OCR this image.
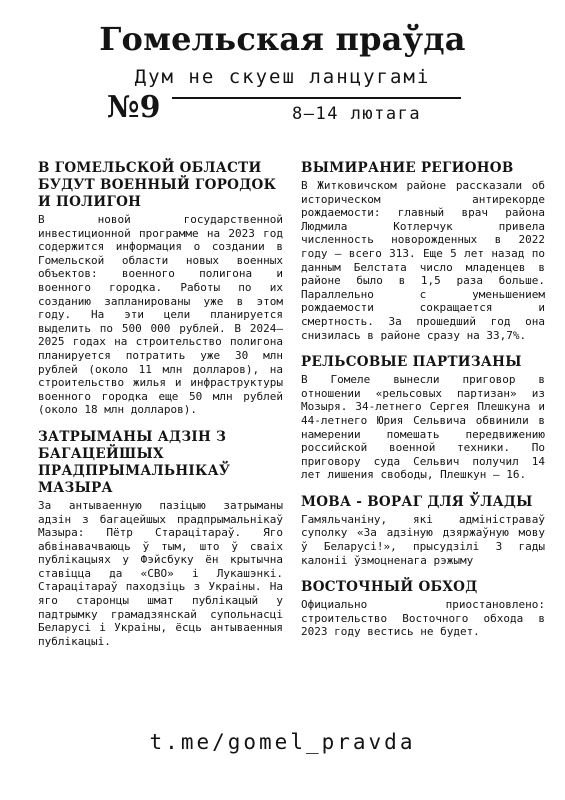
Гомельская праўда
Дум не скуеш ланцугамі
№9	8—14 лютага
В ГОМЕЛЬСКОЙ ОБЛАСТИ
БУДУТ ВОЕННЫЙ ГОРОДОК
И ПОЛИГОН

В новой государственной инвестиционной программе на 2023 год содержится информация о создании в Гомельской области новых военных объектов: военного полигона и военного городка. Работы по их созданию запланированы уже в этом году. На эти цели планируется выделить по 500 000 рублей. В 2024–2025 годах на строительство полигона планируется потратить уже 30 млн рублей (около 11 млн долларов), на строительство жилья и инфраструктуры военного городка еще 50 млн рублей (около 18 млн долларов).

ЗАТРЫМАНЫ АДЗІН З
БАГАЦЕЙШЫХ
ПРАДПРЫМАЛЬНІКАЎ МАЗЫРА

За антываенную пазіцыю затрыманы адзін з багацейшых прадпрымальнікаў Мазыра: Пётр Старацітараў. Яго абвінавачваюць ў тым, што ў сваіх публікацыях у Фэйсбуку ён крытычна ставіцца да «СВО» і Лукашэнкі. Старацітараў паходзіць з Украіны. На яго старонцы шмат публікацый у падтрымку грамадзянскай супольнасці Беларусі і Украіны, ёсць антываенныя публікацыі.

ВЫМИРАНИЕ РЕГИОНОВ

В Житковичском районе рассказали об историческом антирекорде рождаемости: главный врач района Людмила Котлерчук привела численность новорожденных в 2022 году — всего 313. Еще 5 лет назад по данным Белстата число младенцев в районе было в 1,5 раза больше. Параллельно с уменьшением рождаемости сокращается и смертность. За прошедший год она снизилась в районе сразу на 33,7%.

РЕЛЬСОВЫЕ ПАРТИЗАНЫ

В Гомеле вынесли приговор в отношении «рельсовых партизан» из Мозыря. 34-летнего Сергея Плешкуна и 44-летнего Юрия Сельвича обвинили в намерении помешать передвижению российской военной техники. По приговору суда Сельвич получил 14 лет лишения свободы, Плешкун — 16.

МОВА - ВОРАГ ДЛЯ ЎЛАДЫ

Гамяльчаніну, які адміністраваў суполку «За адзіную дзяржаўную мову ў Беларусі!», прысудзілі 3 гады калоніі ўзмоцненага рэжыму

ВОСТОЧНЫЙ ОБХОД

Официально приостановлено: строительство Восточного обхода в 2023 году вестись не будет.

t.me/gomel_pravda
